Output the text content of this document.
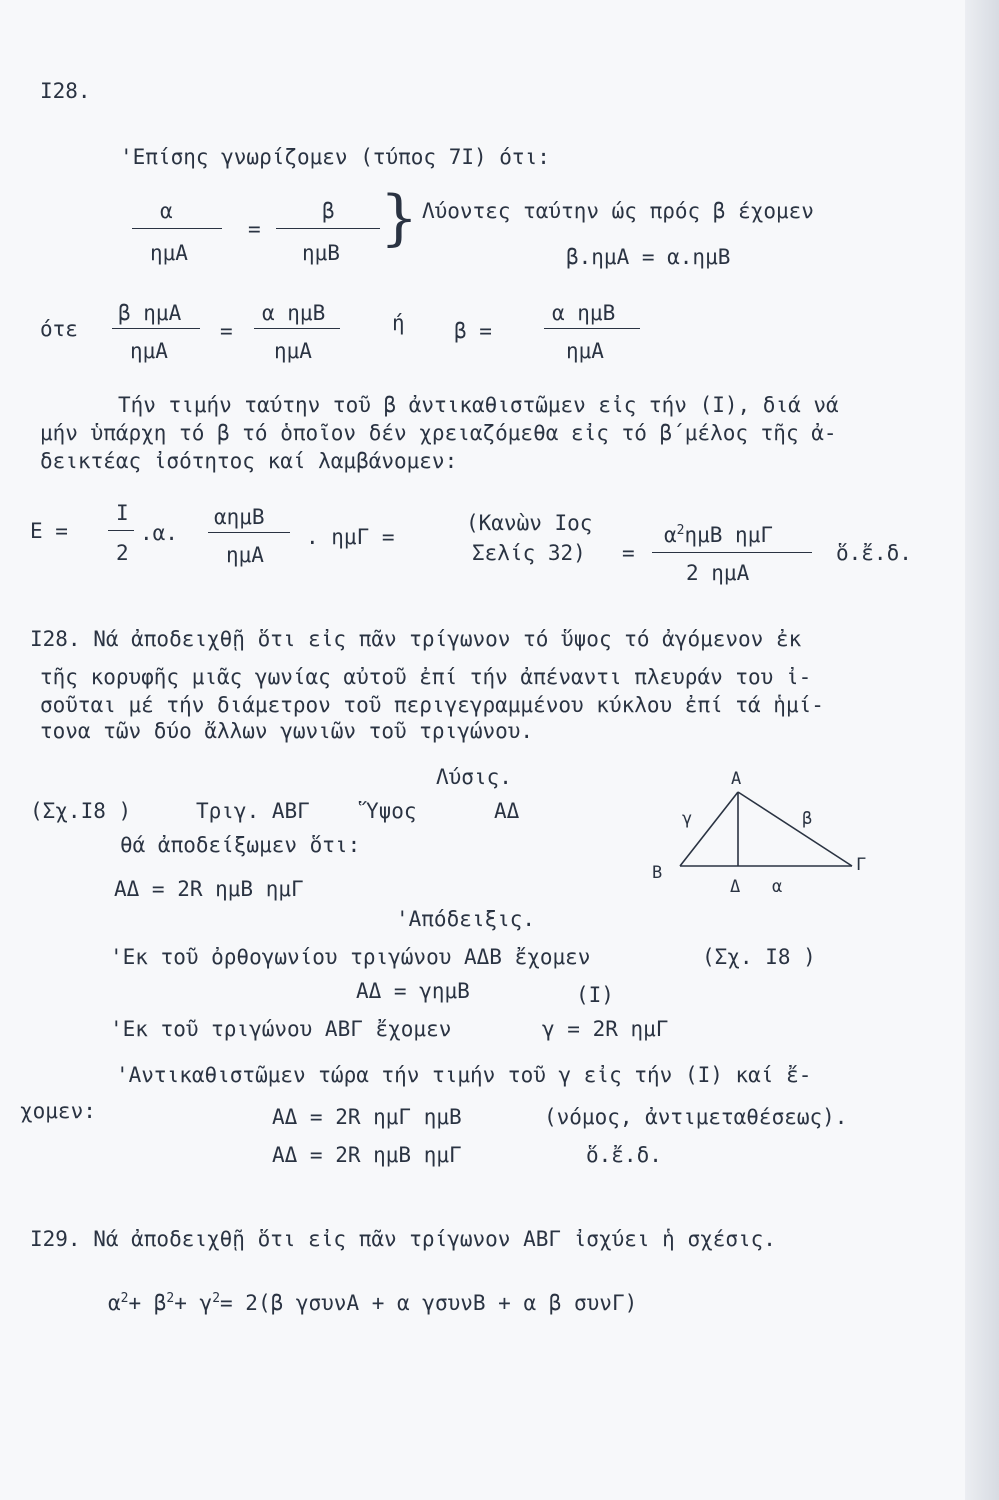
I28.
'Επίσης γνωρίζομεν (τύπος 7Ι) ότι:
α
ημΑ
=
β
ημΒ } Λύοντες ταύτην ώς πρός β έχομεν
β.ημΑ = α.ημΒ
ότε
β ημΑ
ημΑ
=
α ημΒ
ημΑ
ή β =
α ημΒ
ημΑ
Τήν τιμήν ταύτην τοῦ β ἀντικαθιστῶμεν εἰς τήν (Ι), διά νά
μήν ὑπάρχη τό β τό ὁποῖον δέν χρειαζόμεθα εἰς τό β΄μέλος τῆς ἀ-
δεικτέας ἰσότητος καί λαμβάνομεν:
Ε =
Ι
2
.α.
αημΒ
ημΑ
. ημΓ =
(Κανὼν Ιος
Σελίς 32) =
$\alpha^2\eta\mu B$ ημΓ
2 ημΑ
ὅ.ἔ.δ.
Ι28. Νά ἀποδειχθῇ ὅτι εἰς πᾶν τρίγωνον τό ὕψος τό ἀγόμενον ἐκ
τῆς κορυφῆς μιᾶς γωνίας αὐτοῦ ἐπί τήν ἀπέναντι πλευράν του ἰ-
σοῦται μέ τήν διάμετρον τοῦ περιγεγραμμένου κύκλου ἐπί τά ἡμί-
τονα τῶν δύο ἄλλων γωνιῶν τοῦ τριγώνου.
Λύσις.
(Σχ.Ι8 )	Τριγ. ΑΒΓ	Ὕψος	ΑΔ
θά ἀποδείξωμεν ὅτι:
ΑΔ = 2R ημΒ ημΓ
Α
Β	Γ
Δ
γ	β
α
'Απόδειξις.
'Εκ τοῦ ὀρθογωνίου τριγώνου ΑΔΒ ἔχομεν	(Σχ. Ι8 )
ΑΔ = γημΒ	(Ι)
'Εκ τοῦ τριγώνου ΑΒΓ ἔχομεν	γ = 2R ημΓ
'Αντικαθιστῶμεν τώρα τήν τιμήν τοῦ γ εἰς τήν (Ι) καί ἔ-
χομεν:	ΑΔ = 2R ημΓ ημΒ	(νόμος, ἀντιμεταθέσεως).
ΑΔ = 2R ημΒ ημΓ	ὅ.ἔ.δ.
Ι29. Νά ἀποδειχθῇ ὅτι εἰς πᾶν τρίγωνον ΑΒΓ ἰσχύει ἡ σχέσις.
$\alpha^2+ \beta^2+ \gamma^2= 2(\beta$ γσυνΑ + α γσυνΒ + α β συνΓ)
